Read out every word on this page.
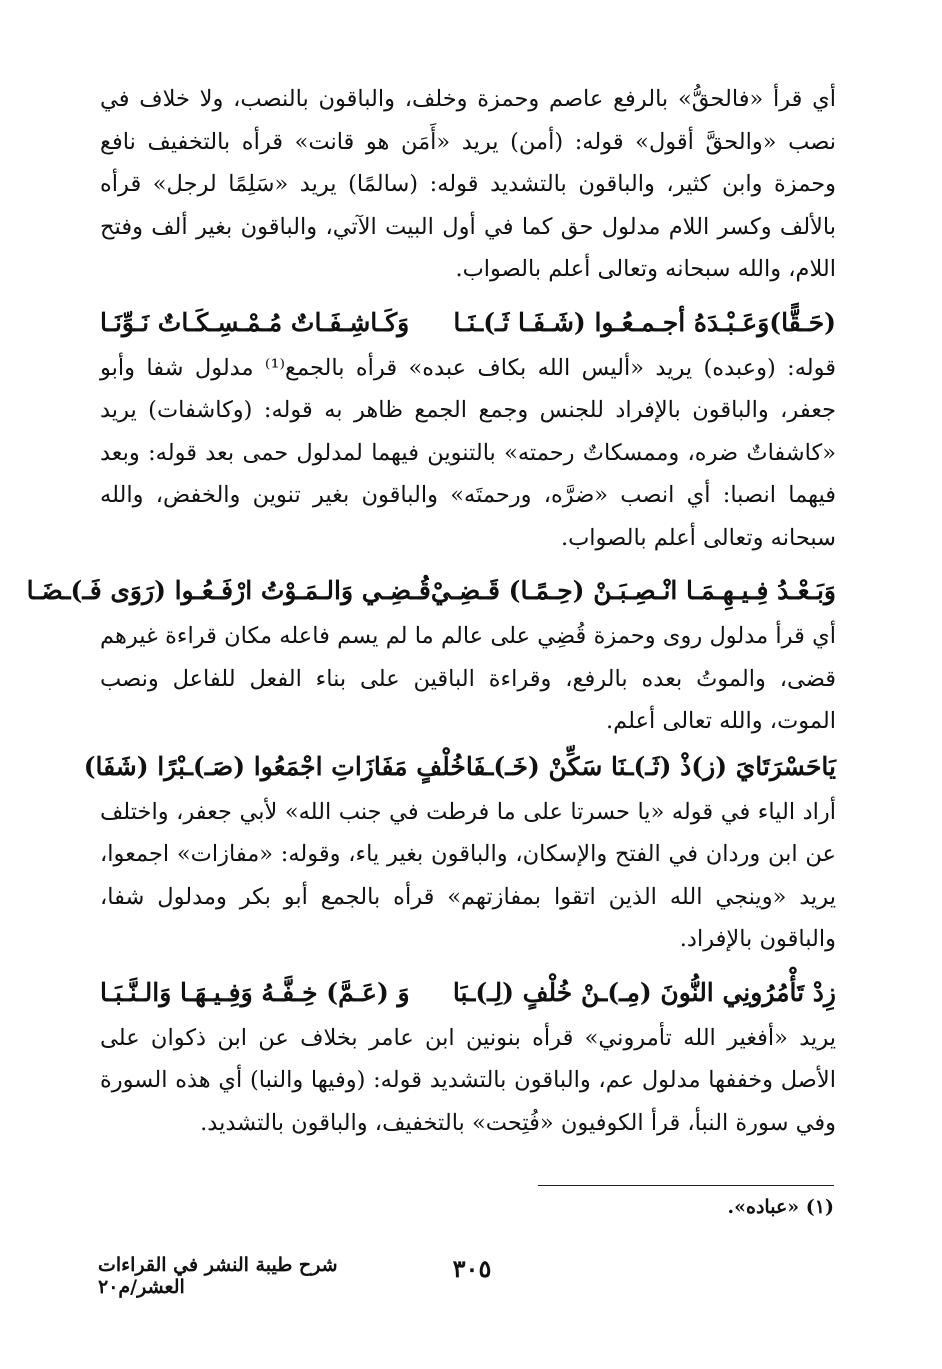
أي قرأ «فالحقُّ» بالرفع عاصم وحمزة وخلف، والباقون بالنصب، ولا خلاف في نصب «والحقَّ أقول» قوله: (أمن) يريد «أَمَن هو قانت» قرأه بالتخفيف نافع وحمزة وابن كثير، والباقون بالتشديد قوله: (سالمًا) يريد «سَلِمًا لرجل» قرأه بالألف وكسر اللام مدلول حق كما في أول البيت الآتي، والباقون بغير ألف وفتح اللام، والله سبحانه وتعالى أعلم بالصواب.

(حَـقًّا)وَعَـبْـدَهُ أجـمـعُـوا (شَـفَـا ثَـ)ـنَـا
وَكَـاشِـفَـاتٌ مُـمْـسِـكَـاتٌ نَـوِّنَـا

قوله: (وعبده) يريد «أليس الله بكاف عبده» قرأه بالجمع⁽¹⁾ مدلول شفا وأبو جعفر، والباقون بالإفراد للجنس وجمع الجمع ظاهر به قوله: (وكاشفات) يريد «كاشفاتٌ ضره، وممسكاتٌ رحمته» بالتنوين فيهما لمدلول حمى بعد قوله: وبعد فيهما انصبا: أي انصب «ضرَّه، ورحمتَه» والباقون بغير تنوين والخفض، والله سبحانه وتعالى أعلم بالصواب.

وَبَـعْـدُ فِـيـهِـمَـا انْـصِـبَـنْ (حِـمًـا) قَـضِـيْ
قُـضِـي وَالـمَـوْتُ ارْفَـعُـوا (رَوَى فَـ)ـضَـا

أي قرأ مدلول روى وحمزة قُضِي على عالم ما لم يسم فاعله مكان قراءة غيرهم قضى، والموتُ بعده بالرفع، وقراءة الباقين على بناء الفعل للفاعل ونصب الموت، والله تعالى أعلم.

يَاحَسْرَتَايَ (ز)ذْ (ثَـ)ـنَا سَكِّنْ (خَـ)ـفَا
خُلْفٍ مَفَازَاتِ اجْمَعُوا (صَـ)ـبْرًا (شَفَا)

أراد الياء في قوله «يا حسرتا على ما فرطت في جنب الله» لأبي جعفر، واختلف عن ابن وردان في الفتح والإسكان، والباقون بغير ياء، وقوله: «مفازات» اجمعوا، يريد «وينجي الله الذين اتقوا بمفازتهم» قرأه بالجمع أبو بكر ومدلول شفا، والباقون بالإفراد.

زِدْ تَأْمُرُونِي النُّونَ (مِـ)ـنْ خُلْفٍ (لِـ)ـبَا
وَ (عَـمَّ) خِـفَّـهُ وَفِـيـهَـا وَالـنَّـبَـا

يريد «أفغير الله تأمروني» قرأه بنونين ابن عامر بخلاف عن ابن ذكوان على الأصل وخففها مدلول عم، والباقون بالتشديد قوله: (وفيها والنبا) أي هذه السورة وفي سورة النبأ، قرأ الكوفيون «فُتِحت» بالتخفيف، والباقون بالتشديد.

(١) «عباده».
٣٠٥
شرح طيبة النشر في القراءات العشر/م٢٠
